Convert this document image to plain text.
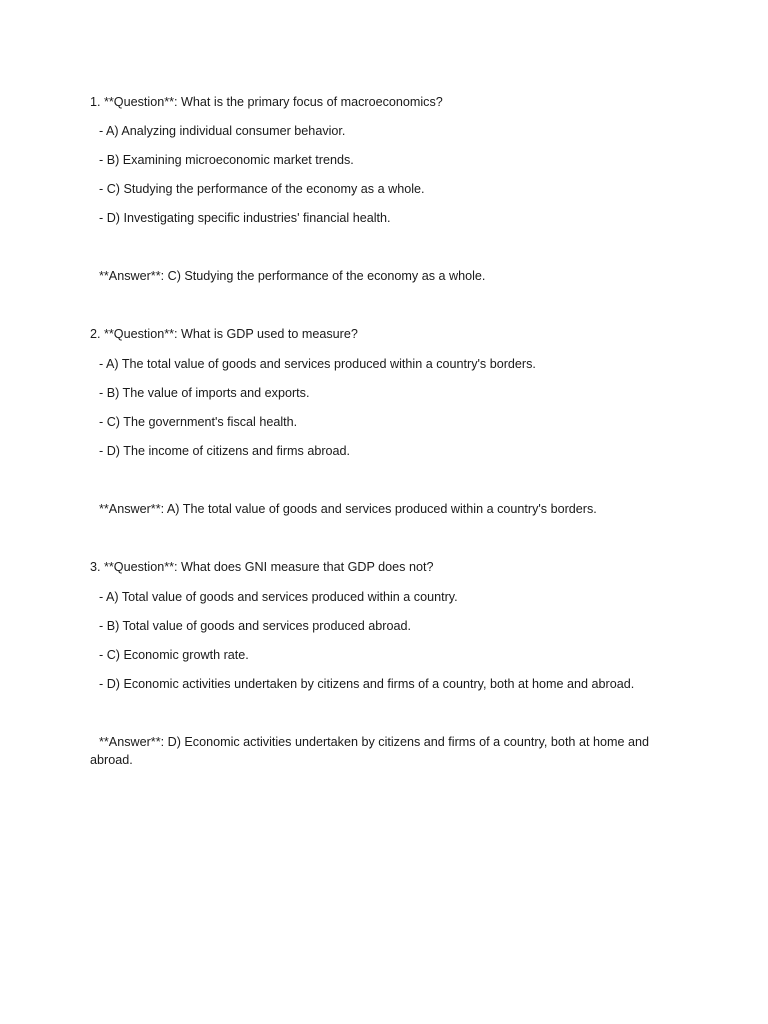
1. **Question**: What is the primary focus of macroeconomics?
- A) Analyzing individual consumer behavior.
- B) Examining microeconomic market trends.
- C) Studying the performance of the economy as a whole.
- D) Investigating specific industries' financial health.
**Answer**: C) Studying the performance of the economy as a whole.
2. **Question**: What is GDP used to measure?
- A) The total value of goods and services produced within a country's borders.
- B) The value of imports and exports.
- C) The government's fiscal health.
- D) The income of citizens and firms abroad.
**Answer**: A) The total value of goods and services produced within a country's borders.
3. **Question**: What does GNI measure that GDP does not?
- A) Total value of goods and services produced within a country.
- B) Total value of goods and services produced abroad.
- C) Economic growth rate.
- D) Economic activities undertaken by citizens and firms of a country, both at home and abroad.
**Answer**: D) Economic activities undertaken by citizens and firms of a country, both at home and abroad.
